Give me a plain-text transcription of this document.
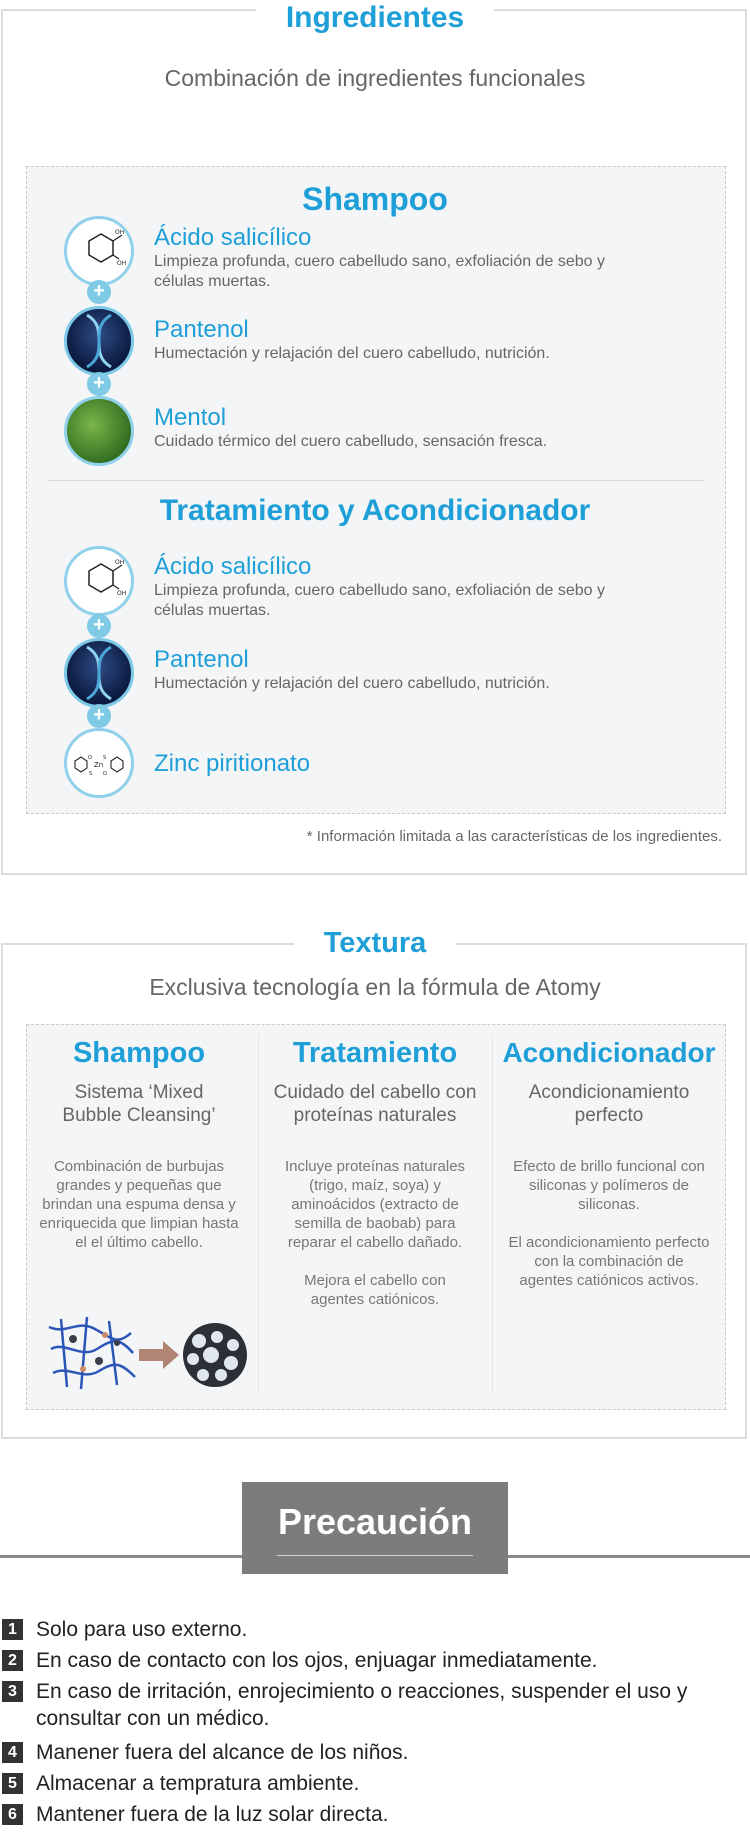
Ingredientes
Combinación de ingredientes funcionales
Shampoo
OH
OH
+
+
Ácido salicílico
Limpieza profunda, cuero cabelludo sano, exfoliación de sebo y células muertas.
Pantenol
Humectación y relajación del cuero cabelludo, nutrición.
Mentol
Cuidado térmico del cuero cabelludo, sensación fresca.
Tratamiento y Acondicionador
OH
OH
+
+
Zn
O S
S O
Ácido salicílico
Limpieza profunda, cuero cabelludo sano, exfoliación de sebo y células muertas.
Pantenol
Humectación y relajación del cuero cabelludo, nutrición.
Zinc piritionato
* Información limitada a las características de los ingredientes.
Textura
Exclusiva tecnología en la fórmula de Atomy
Shampoo
Sistema ‘Mixed Bubble Cleansing’
Combinación de burbujas grandes y pequeñas que brindan una espuma densa y enriquecida que limpian hasta el el último cabello.
Tratamiento
Cuidado del cabello con proteínas naturales
Incluye proteínas naturales (trigo, maíz, soya) y aminoácidos (extracto de semilla de baobab) para reparar el cabello dañado.
Mejora el cabello con agentes catiónicos.
Acondicionador
Acondicionamiento perfecto
Efecto de brillo funcional con siliconas y polímeros de siliconas.
El acondicionamiento perfecto con la combinación de agentes catiónicos activos.
Precaución
1 Solo para uso externo.
2 En caso de contacto con los ojos, enjuagar inmediatamente.
3 En caso de irritación, enrojecimiento o reacciones, suspender el uso y consultar con un médico.
4 Manener fuera del alcance de los niños.
5 Almacenar a tempratura ambiente.
6 Mantener fuera de la luz solar directa.
